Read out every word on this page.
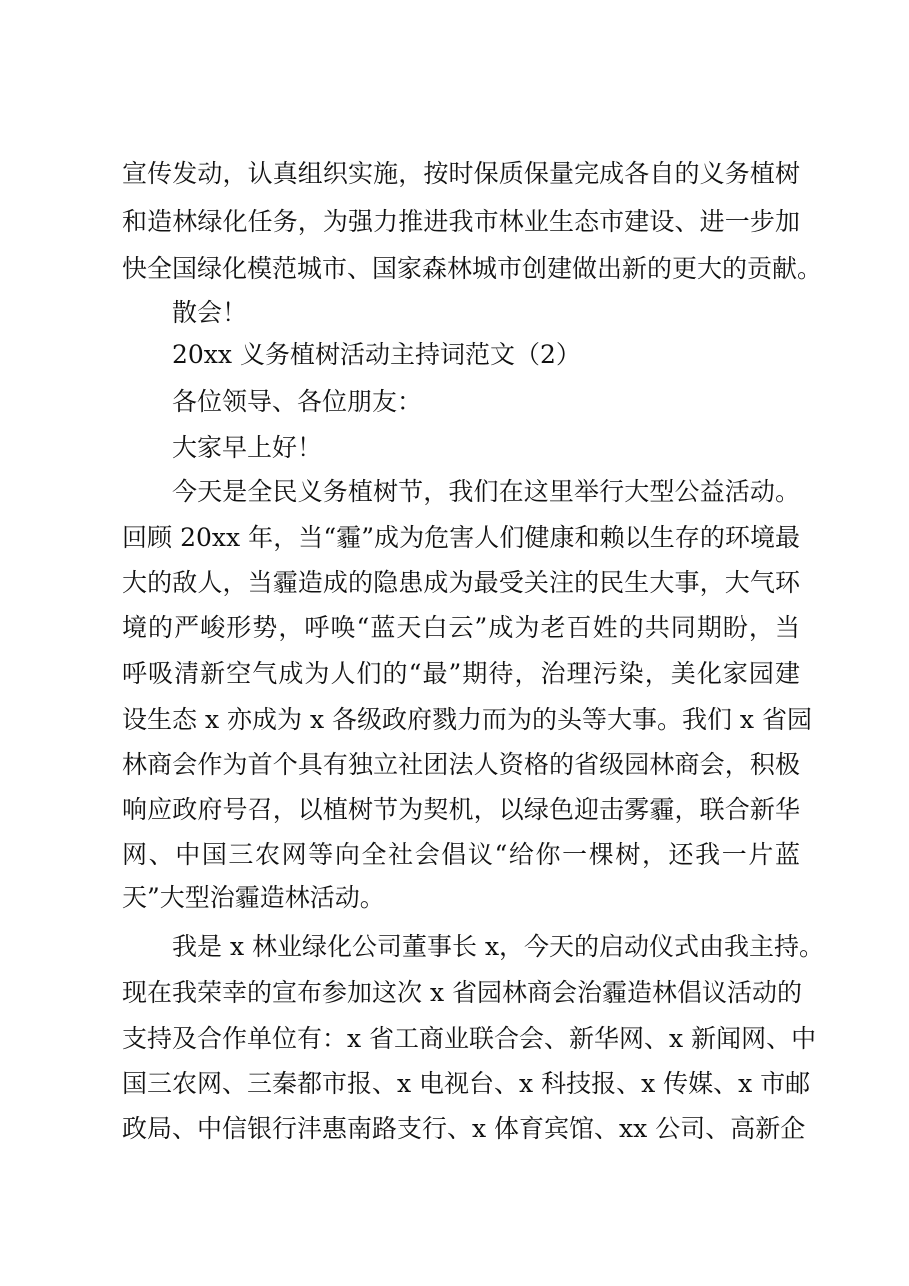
宣传发动，认真组织实施，按时保质保量完成各自的义务植树
和造林绿化任务，为强力推进我市林业生态市建设、进一步加
快全国绿化模范城市、国家森林城市创建做出新的更大的贡献。
散会！
20xx 义务植树活动主持词范文（2）
各位领导、各位朋友：
大家早上好！
今天是全民义务植树节，我们在这里举行大型公益活动。
回顾 20xx 年，当“霾”成为危害人们健康和赖以生存的环境最
大的敌人，当霾造成的隐患成为最受关注的民生大事，大气环
境的严峻形势，呼唤“蓝天白云”成为老百姓的共同期盼，当
呼吸清新空气成为人们的“最”期待，治理污染，美化家园建
设生态 x 亦成为 x 各级政府戮力而为的头等大事。我们 x 省园
林商会作为首个具有独立社团法人资格的省级园林商会，积极
响应政府号召，以植树节为契机，以绿色迎击雾霾，联合新华
网、中国三农网等向全社会倡议“给你一棵树，还我一片蓝
天”大型治霾造林活动。
我是 x 林业绿化公司董事长 x，今天的启动仪式由我主持。
现在我荣幸的宣布参加这次 x 省园林商会治霾造林倡议活动的
支持及合作单位有：x 省工商业联合会、新华网、x 新闻网、中
国三农网、三秦都市报、x 电视台、x 科技报、x 传媒、x 市邮
政局、中信银行沣惠南路支行、x 体育宾馆、xx 公司、高新企
